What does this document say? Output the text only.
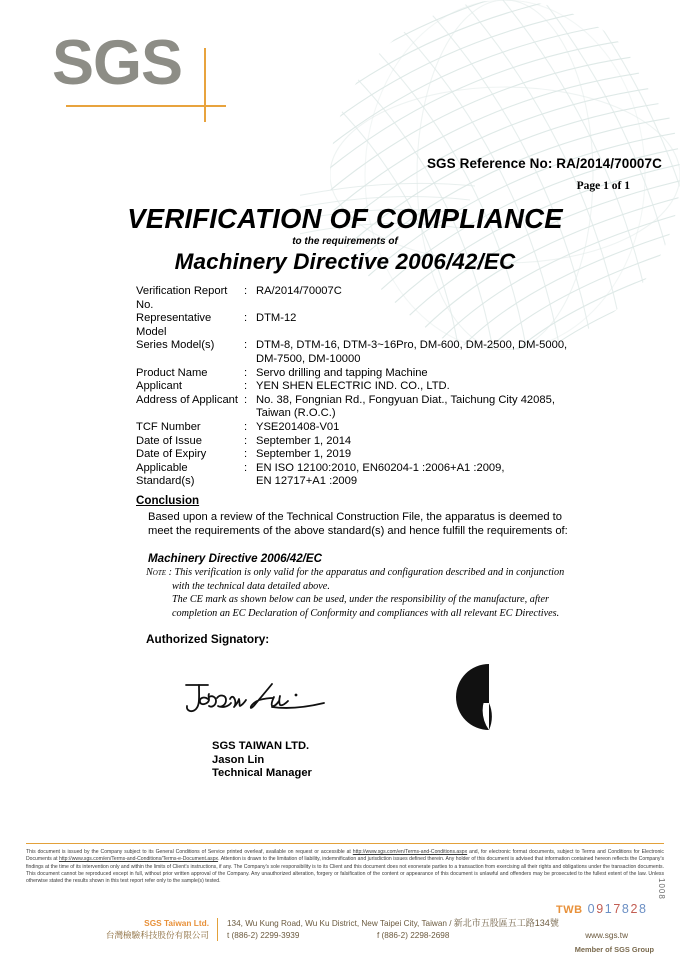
SGS
SGS Reference No: RA/2014/70007C
Page 1 of 1
VERIFICATION OF COMPLIANCE
to the requirements of
Machinery Directive 2006/42/EC
Verification Report No.
: RA/2014/70007C
Representative Model
: DTM-12
Series Model(s)	: DTM-8, DTM-16, DTM-3~16Pro, DM-600, DM-2500, DM-5000,
DM-7500, DM-10000
Product Name	: Servo drilling and tapping Machine
Applicant	: YEN SHEN ELECTRIC IND. CO., LTD.
Address of Applicant : No. 38, Fongnian Rd., Fongyuan Diat., Taichung City 42085,
Taiwan (R.O.C.)
TCF Number	: YSE201408-V01
Date of Issue	: September 1, 2014
Date of Expiry	: September 1, 2019
Applicable Standard(s)
: EN ISO 12100:2010, EN60204-1 :2006+A1 :2009,
EN 12717+A1 :2009
Conclusion
Based upon a review of the Technical Construction File, the apparatus is deemed to meet the requirements of the above standard(s) and hence fulfill the requirements of:
Machinery Directive 2006/42/EC
Note : This verification is only valid for the apparatus and configuration described and in conjunction
with the technical data detailed above.
The CE mark as shown below can be used, under the responsibility of the manufacture, after
completion an EC Declaration of Conformity and compliances with all relevant EC Directives.
Authorized Signatory:
SGS TAIWAN LTD.
Jason Lin
Technical Manager
This document is issued by the Company subject to its General Conditions of Service printed overleaf, available on request or accessible at http://www.sgs.com/en/Terms-and-Conditions.aspx and, for electronic format documents, subject to Terms and Conditions for Electronic Documents at http://www.sgs.com/en/Terms-and-Conditions/Terms-e-Document.aspx. Attention is drawn to the limitation of liability, indemnification and jurisdiction issues defined therein. Any holder of this document is advised that information contained hereon reflects the Company's findings at the time of its intervention only and within the limits of Client's instructions, if any. The Company's sole responsibility is to its Client and this document does not exonerate parties to a transaction from exercising all their rights and obligations under the transaction documents. This document cannot be reproduced except in full, without prior written approval of the Company. Any unauthorized alteration, forgery or falsification of the content or appearance of this document is unlawful and offenders may be prosecuted to the fullest extent of the law. Unless otherwise stated the results shown in this test report refer only to the sample(s) tested.
TWB 0917828
1008
SGS Taiwan Ltd.
台灣檢驗科技股份有限公司
134, Wu Kung Road, Wu Ku District, New Taipei City, Taiwan / 新北市五股區五工路134號
t (886-2) 2299-3939	f (886-2) 2298-2698	www.sgs.tw
Member of SGS Group
